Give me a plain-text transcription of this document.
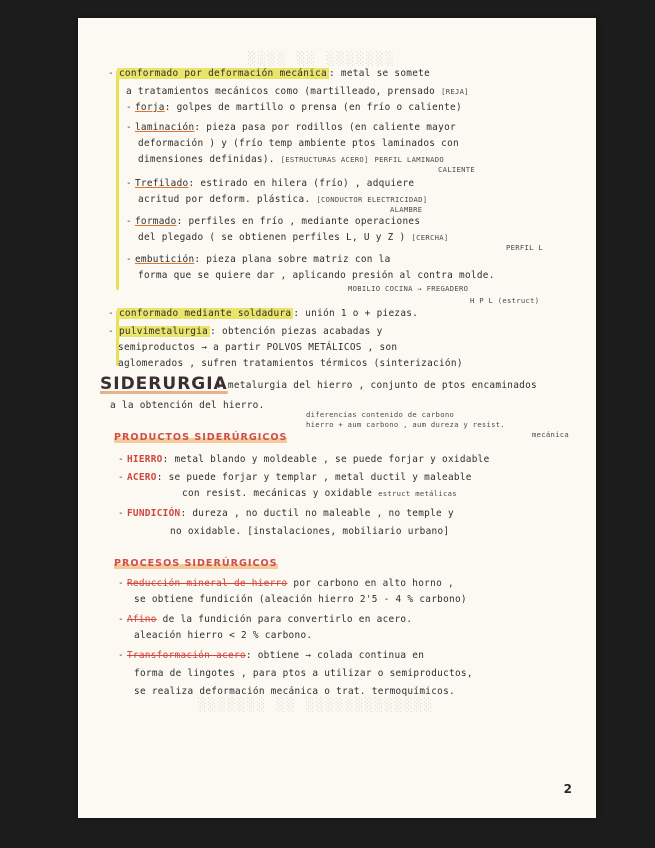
░░░░ ░░ ░░░░░░░
░░░░░░░ ░░ ░░░░░░░░░░░░░
- conformado por deformación mecánica : metal se somete
a tratamientos mecánicos como (martilleado, prensado [REJA]
- forja: golpes de martillo o prensa (en frío o caliente)
- laminación: pieza pasa por rodillos (en caliente mayor
deformación ) y (frío temp ambiente ptos laminados con
dimensiones definidas). [ESTRUCTURAS ACERO] PERFIL LAMINADO
CALIENTE
- Trefilado: estirado en hilera (frío) , adquiere
acritud por deform. plástica. [CONDUCTOR ELECTRICIDAD]
ALAMBRE
- formado: perfiles en frío , mediante operaciones
del plegado ( se obtienen perfiles L, U y Z ) [CERCHA]
PERFIL L
- embutición: pieza plana sobre matriz con la
forma que se quiere dar , aplicando presión al contra molde.
MOBILIO COCINA → FREGADERO
H P L (estruct)
- conformado mediante soldadura : unión 1 o + piezas.
- pulvimetalurgia : obtención piezas acabadas y
semiproductos → a partir POLVOS METÁLICOS , son
aglomerados , sufren tratamientos térmicos (sinterización)
SIDERURGIA
: metalurgia del hierro , conjunto de ptos encaminados
a la obtención del hierro.
diferencias contenido de carbono
hierro + aum carbono , aum dureza y resist.
mecánica
PRODUCTOS SIDERÚRGICOS
- HIERRO: metal blando y moldeable , se puede forjar y oxidable
- ACERO: se puede forjar y templar , metal ductil y maleable
con resist. mecánicas y oxidable estruct metálicas
- FUNDICIÓN: dureza , no ductil no maleable , no temple y
no oxidable. [instalaciones, mobiliario urbano]
PROCESOS SIDERÚRGICOS
- Reducción mineral de hierro por carbono en alto horno ,
se obtiene fundición (aleación hierro 2'5 - 4 % carbono)
- Afino de la fundición para convertirlo en acero.
aleación hierro < 2 % carbono.
- Transformación acero: obtiene → colada continua en
forma de lingotes , para ptos a utilizar o semiproductos,
se realiza deformación mecánica o trat. termoquímicos.
2
